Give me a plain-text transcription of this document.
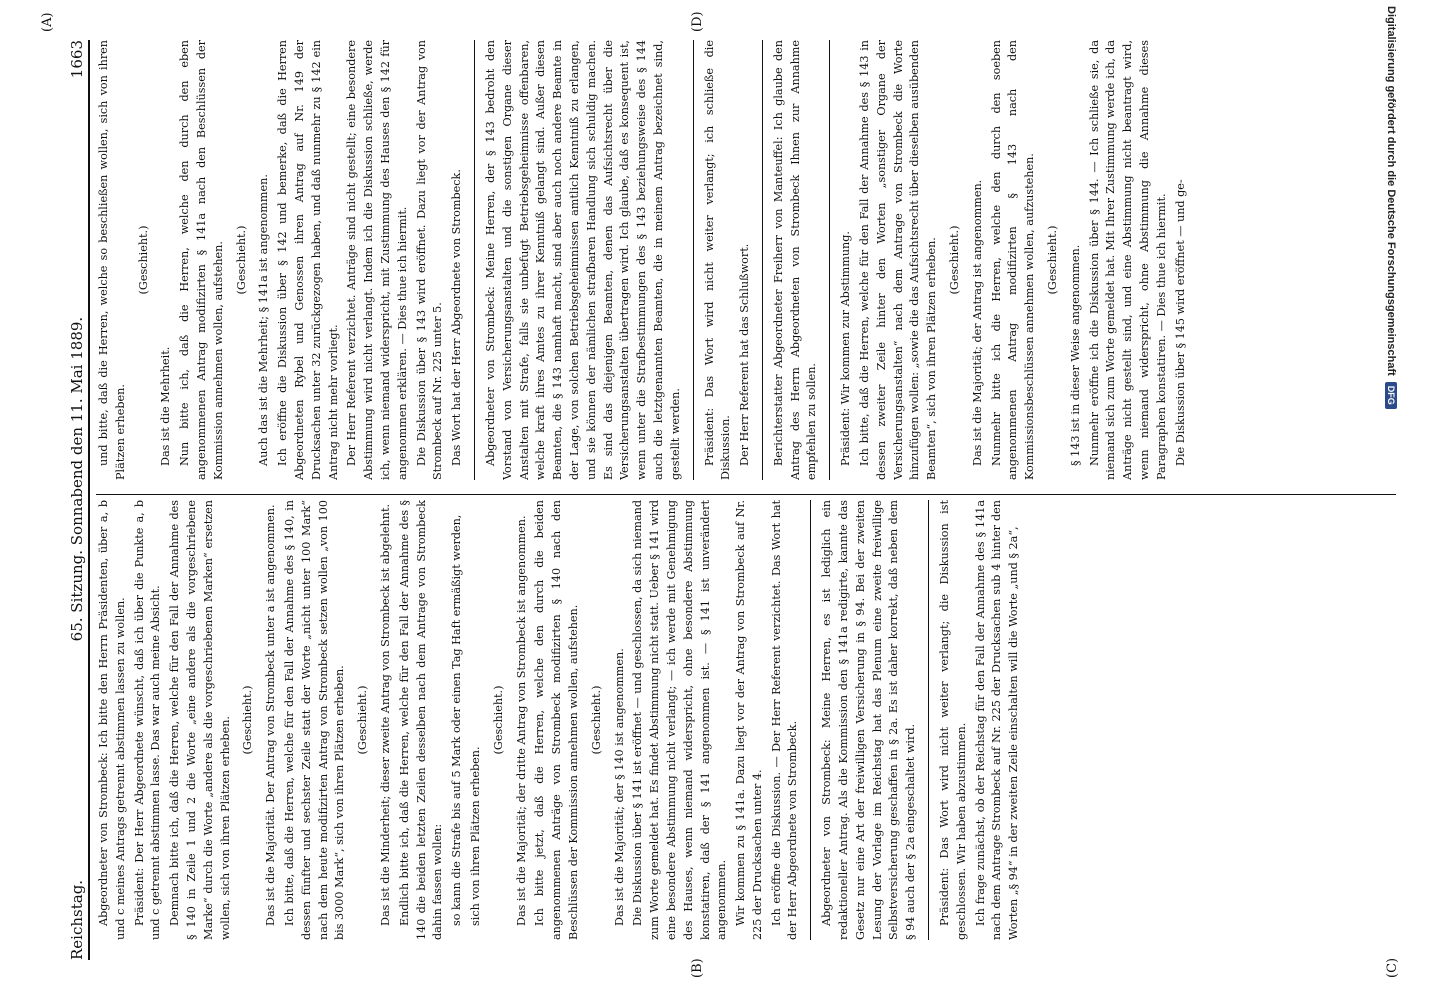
Reichstag.
65. Sitzung. Sonnabend den 11. Mai 1889.
1663
(A)
(B)	(C)
(D)

Abgeordneter von Strombeck: Ich bitte den Herrn Präsidenten, über a, b und c meines Antrags getrennt abstimmen lassen zu wollen. Präsident: Der Herr Abgeordnete wünscht, daß ich über die Punkte a, b und c getrennt abstimmen lasse. Das war auch meine Absicht. Demnach bitte ich, daß die Herren, welche für den Fall der Annahme des § 140 in Zeile 1 und 2 die Worte „eine andere als die vorgeschriebene Marke“ durch die Worte „andere als die vorgeschriebenen Marken“ ersetzen wollen, sich von ihren Plätzen erheben. (Geschieht.) Das ist die Majorität. Der Antrag von Strombeck unter a ist angenommen. Ich bitte, daß die Herren, welche für den Fall der Annahme des § 140, in dessen fünfter und sechster Zeile statt der Worte „nicht unter 100 Mark“ nach dem heute modifizirten Antrag von Strombeck setzen wollen „von 100 bis 3000 Mark“, sich von ihren Plätzen erheben. (Geschieht.) Das ist die Minderheit; dieser zweite Antrag von Strombeck ist abgelehnt. Endlich bitte ich, daß die Herren, welche für den Fall der Annahme des § 140 die beiden letzten Zeilen desselben nach dem Antrage von Strombeck dahin fassen wollen: so kann die Strafe bis auf 5 Mark oder einen Tag Haft ermäßigt werden, sich von ihren Plätzen erheben.

(Geschieht.) Das ist die Majorität; der dritte Antrag von Strombeck ist angenommen. Ich bitte jetzt, daß die Herren, welche den durch die beiden angenommenen Anträge von Strombeck modifizirten § 140 nach den Beschlüssen der Kommission annehmen wollen, aufstehen. (Geschieht.) Das ist die Majorität; der § 140 ist angenommen. Die Diskussion über § 141 ist eröffnet — und geschlossen, da sich niemand zum Worte gemeldet hat. Es findet Abstimmung nicht statt. Ueber § 141 wird eine besondere Abstimmung nicht verlangt; — ich werde mit Genehmigung des Hauses, wenn niemand widerspricht, ohne besondere Abstimmung konstatiren, daß der § 141 angenommen ist. — § 141 ist unverändert angenommen. Wir kommen zu § 141a. Dazu liegt vor der Antrag von Strombeck auf Nr. 225 der Drucksachen unter 4. Ich eröffne die Diskussion. — Der Herr Referent verzichtet. Das Wort hat der Herr Abgeordnete von Strombeck. Abgeordneter von Strombeck: Meine Herren, es ist lediglich ein redaktioneller Antrag. Als die Kommission den § 141a redigirte, kannte das Gesetz nur eine Art der freiwilligen Versicherung in § 94. Bei der zweiten Lesung der Vorlage im Reichstag hat das Plenum eine zweite freiwillige Selbstversicherung geschaffen in § 2a. Es ist daher korrekt, daß neben dem § 94 auch der § 2a eingeschaltet wird. Präsident: Das Wort wird nicht weiter verlangt; die Diskussion ist geschlossen. Wir haben abzustimmen. Ich frage zunächst, ob der Reichstag für den Fall der Annahme des § 141a nach dem Antrage Strombeck auf Nr. 225 der Drucksachen sub 4 hinter den Worten „§ 94“ in der zweiten Zeile einschalten will die Worte „und § 2a“,

und bitte, daß die Herren, welche so beschließen wollen, sich von ihren Plätzen erheben.

(Geschieht.)

Das ist die Mehrheit. Nun bitte ich, daß die Herren, welche den durch den eben angenommenen Antrag modifizirten § 141a nach den Beschlüssen der Kommission annehmen wollen, aufstehen. (Geschieht.) Auch das ist die Mehrheit; § 141a ist angenommen. Ich eröffne die Diskussion über § 142 und bemerke, daß die Herren Abgeordneten Rybel und Genossen ihren Antrag auf Nr. 149 der Drucksachen unter 32 zurückgezogen haben, und daß nunmehr zu § 142 ein Antrag nicht mehr vorliegt. Der Herr Referent verzichtet. Anträge sind nicht gestellt; eine besondere Abstimmung wird nicht verlangt. Indem ich die Diskussion schließe, werde ich, wenn niemand widerspricht, mit Zustimmung des Hauses den § 142 für angenommen erklären. — Dies thue ich hiermit. Die Diskussion über § 143 wird eröffnet. Dazu liegt vor der Antrag von Strombeck auf Nr. 225 unter 5. Das Wort hat der Herr Abgeordnete von Strombeck. Abgeordneter von Strombeck: Meine Herren, der § 143 bedroht den Vorstand von Versicherungsanstalten und die sonstigen Organe dieser Anstalten mit Strafe, falls sie unbefugt Betriebsgeheimnisse offenbaren, welche kraft ihres Amtes zu ihrer Kenntniß gelangt sind. Außer diesen Beamten, die § 143 namhaft macht, sind aber auch noch andere Beamte in der Lage, von solchen Betriebsgeheimnissen amtlich Kenntniß zu erlangen, und sie können der nämlichen strafbaren Handlung sich schuldig machen. Es sind das diejenigen Beamten, denen das Aufsichtsrecht über die Versicherungsanstalten übertragen wird. Ich glaube, daß es konsequent ist, wenn unter die Strafbestimmungen des § 143 beziehungsweise des § 144 auch die letztgenannten Beamten, die in meinem Antrag bezeichnet sind, gestellt werden. Präsident: Das Wort wird nicht weiter verlangt; ich schließe die Diskussion. Der Herr Referent hat das Schlußwort. Berichterstatter Abgeordneter Freiherr von Manteuffel: Ich glaube den Antrag des Herrn Abgeordneten von Strombeck Ihnen zur Annahme empfehlen zu sollen. Präsident: Wir kommen zur Abstimmung. Ich bitte, daß die Herren, welche für den Fall der Annahme des § 143 in dessen zweiter Zeile hinter den Worten „sonstiger Organe der Versicherungsanstalten“ nach dem Antrage von Strombeck die Worte hinzufügen wollen: „sowie die das Aufsichtsrecht über dieselben ausübenden Beamten“, sich von ihren Plätzen erheben. (Geschieht.) Das ist die Majorität; der Antrag ist angenommen. Nunmehr bitte ich die Herren, welche den durch den soeben angenommenen Antrag modifizirten § 143 nach den Kommissionsbeschlüssen annehmen wollen, aufzustehen. (Geschieht.) § 143 ist in dieser Weise angenommen. Nunmehr eröffne ich die Diskussion über § 144. — Ich schließe sie, da niemand sich zum Worte gemeldet hat. Mit Ihrer Zustimmung werde ich, da Anträge nicht gestellt sind, und eine Abstimmung nicht beantragt wird, wenn niemand widerspricht, ohne Abstimmung die Annahme dieses Paragraphen konstatiren. — Dies thue ich hiermit. Die Diskussion über § 145 wird eröffnet — und ge-	Digitalisierung gefördert durch die Deutsche Forschungsgemeinschaft
DFG
